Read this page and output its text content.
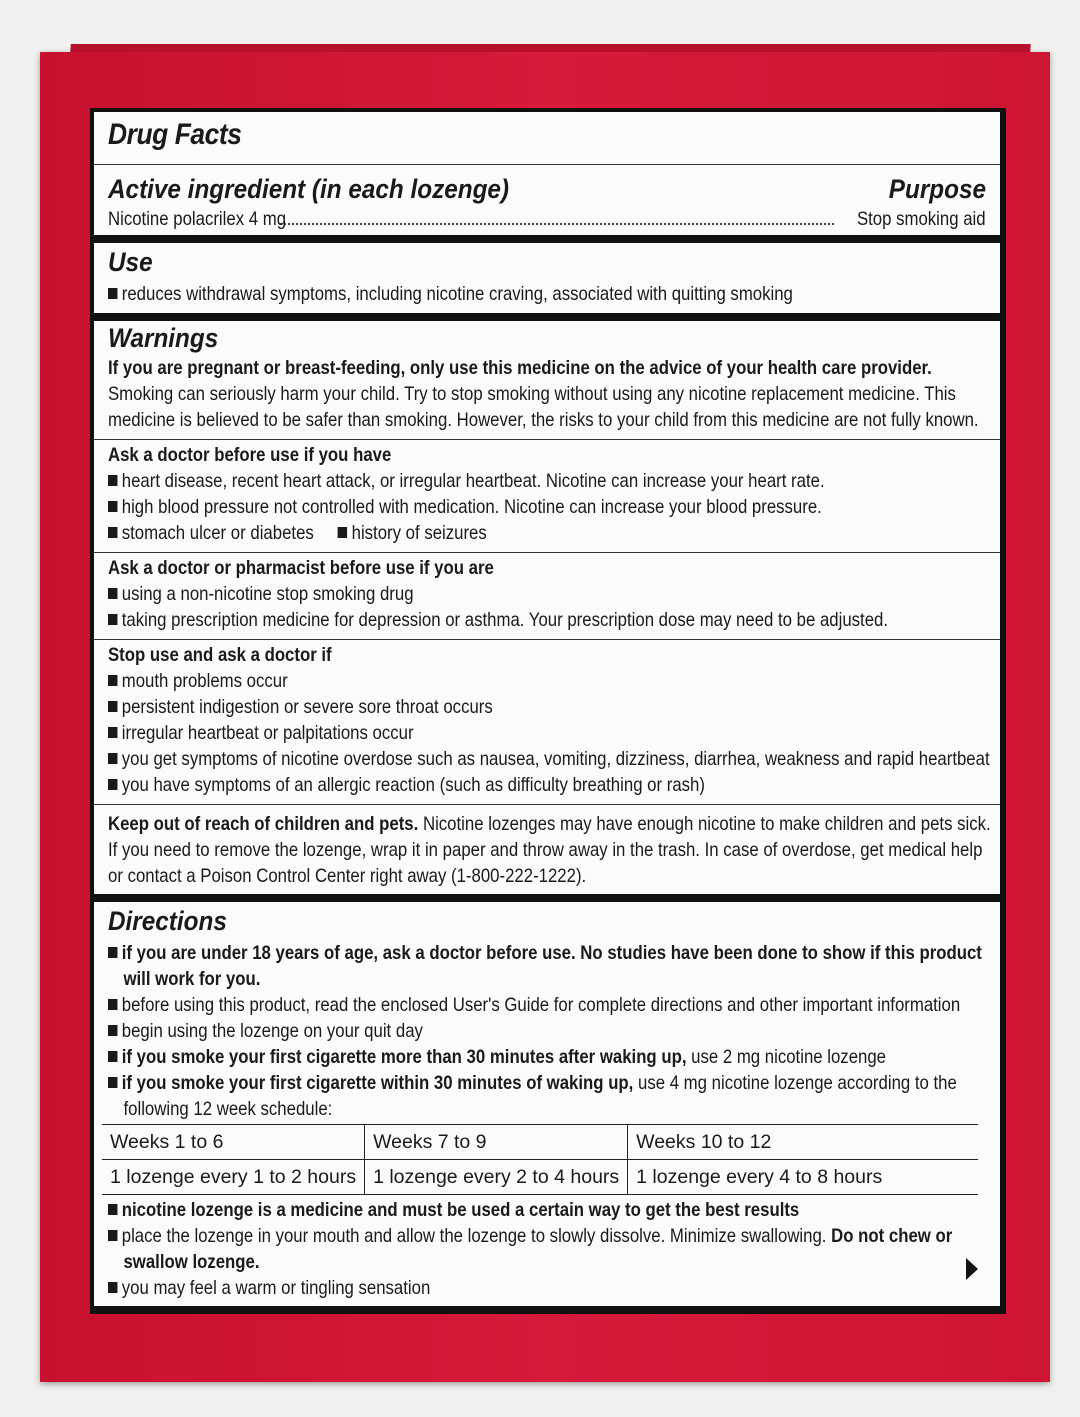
Drug Facts
Active ingredient (in each lozenge)	Purpose
Nicotine polacrilex 4 mg	Stop smoking aid
Use
reduces withdrawal symptoms, including nicotine craving, associated with quitting smoking
Warnings
If you are pregnant or breast-feeding, only use this medicine on the advice of your health care provider.
Smoking can seriously harm your child. Try to stop smoking without using any nicotine replacement medicine. This
medicine is believed to be safer than smoking. However, the risks to your child from this medicine are not fully known.
Ask a doctor before use if you have
heart disease, recent heart attack, or irregular heartbeat. Nicotine can increase your heart rate.
high blood pressure not controlled with medication. Nicotine can increase your blood pressure.
stomach ulcer or diabetes history of seizures
Ask a doctor or pharmacist before use if you are
using a non-nicotine stop smoking drug
taking prescription medicine for depression or asthma. Your prescription dose may need to be adjusted.
Stop use and ask a doctor if
mouth problems occur
persistent indigestion or severe sore throat occurs
irregular heartbeat or palpitations occur
you get symptoms of nicotine overdose such as nausea, vomiting, dizziness, diarrhea, weakness and rapid heartbeat
you have symptoms of an allergic reaction (such as difficulty breathing or rash)
Keep out of reach of children and pets. Nicotine lozenges may have enough nicotine to make children and pets sick.
If you need to remove the lozenge, wrap it in paper and throw away in the trash. In case of overdose, get medical help
or contact a Poison Control Center right away (1-800-222-1222).
Directions
if you are under 18 years of age, ask a doctor before use. No studies have been done to show if this product
will work for you.
before using this product, read the enclosed User's Guide for complete directions and other important information
begin using the lozenge on your quit day
if you smoke your first cigarette more than 30 minutes after waking up, use 2 mg nicotine lozenge
if you smoke your first cigarette within 30 minutes of waking up, use 4 mg nicotine lozenge according to the
following 12 week schedule:
Weeks 1 to 6	Weeks 7 to 9	Weeks 10 to 12
1 lozenge every 1 to 2 hours	1 lozenge every 2 to 4 hours	1 lozenge every 4 to 8 hours
nicotine lozenge is a medicine and must be used a certain way to get the best results
place the lozenge in your mouth and allow the lozenge to slowly dissolve. Minimize swallowing. Do not chew or
swallow lozenge.
you may feel a warm or tingling sensation
